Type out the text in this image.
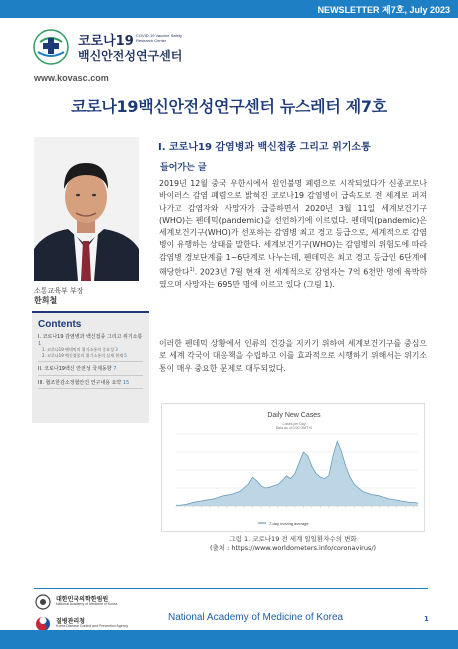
NEWSLETTER 제7호, July 2023
코로나19 COVID-19 Vaccine Safety Research Center
백신안전성연구센터
www.kovasc.com
코로나19백신안전성연구센터 뉴스레터 제7호
소통교육부 부장
한희철
Contents
I. 코로나19 감염병과 백신접종 그리고 위기소통 1
1. 코로나19 팬데믹의 위기소통의 중요성 3
2. 코로나19 백신접종의 위기소통의 실제 현재 5
II. 코로나19백신 안전성 국제동향 7
III. 협조한감소정협안건 연구내용 요약 15
I. 코로나19 감염병과 백신접종 그리고 위기소통
들어가는 글

2019년 12월 중국 우한시에서 원인불명 폐렴으로 시작되었다가 신종코로나바이러스 감염 폐렴으로 밝혀진 코로나19 감염병이 급속도로 전 세계로 퍼져나가고 감염자와 사망자가 급증하면서 2020년 3월 11일 세계보건기구(WHO)는 펜데믹(pandemic)을 선언하기에 이르렀다. 펜데믹(pandemic)은 세계보건기구(WHO)가 선포하는 감염병 최고 경고 등급으로, 세계적으로 감염병이 유행하는 상태를 말한다. 세계보건기구(WHO)는 감염병의 위험도에 따라 감염병 경보단계를 1~6단계로 나누는데, 펜데믹은 최고 경고 등급인 6단계에 해당한다$^{1)}$. 2023년 7월 현재 전 세계적으로 감염자는 7억 6천만 명에 육박하였으며 사망자는 695만 명에 이르고 있다 (그림 1).

이러한 펜데믹 상황에서 인류의 건강을 지키기 위하여 세계보건기구를 중심으로 세계 각국이 대응책을 수립하고 이를 효과적으로 시행하기 위해서는 위기소통이 매우 중요한 문제로 대두되었다.

Daily New Cases
Cases per Day Data as of 0:00 GMT+0
7-day moving average
그림 1. 코로나19 전 세계 일일환자수의 변화
(출처 : https://www.worldometers.info/coronavirus/)
대한민국의학한림원
National Academy of Medicine of Korea
질병관리청
Korea Disease Control and Prevention Agency
National Academy of Medicine of Korea	1
